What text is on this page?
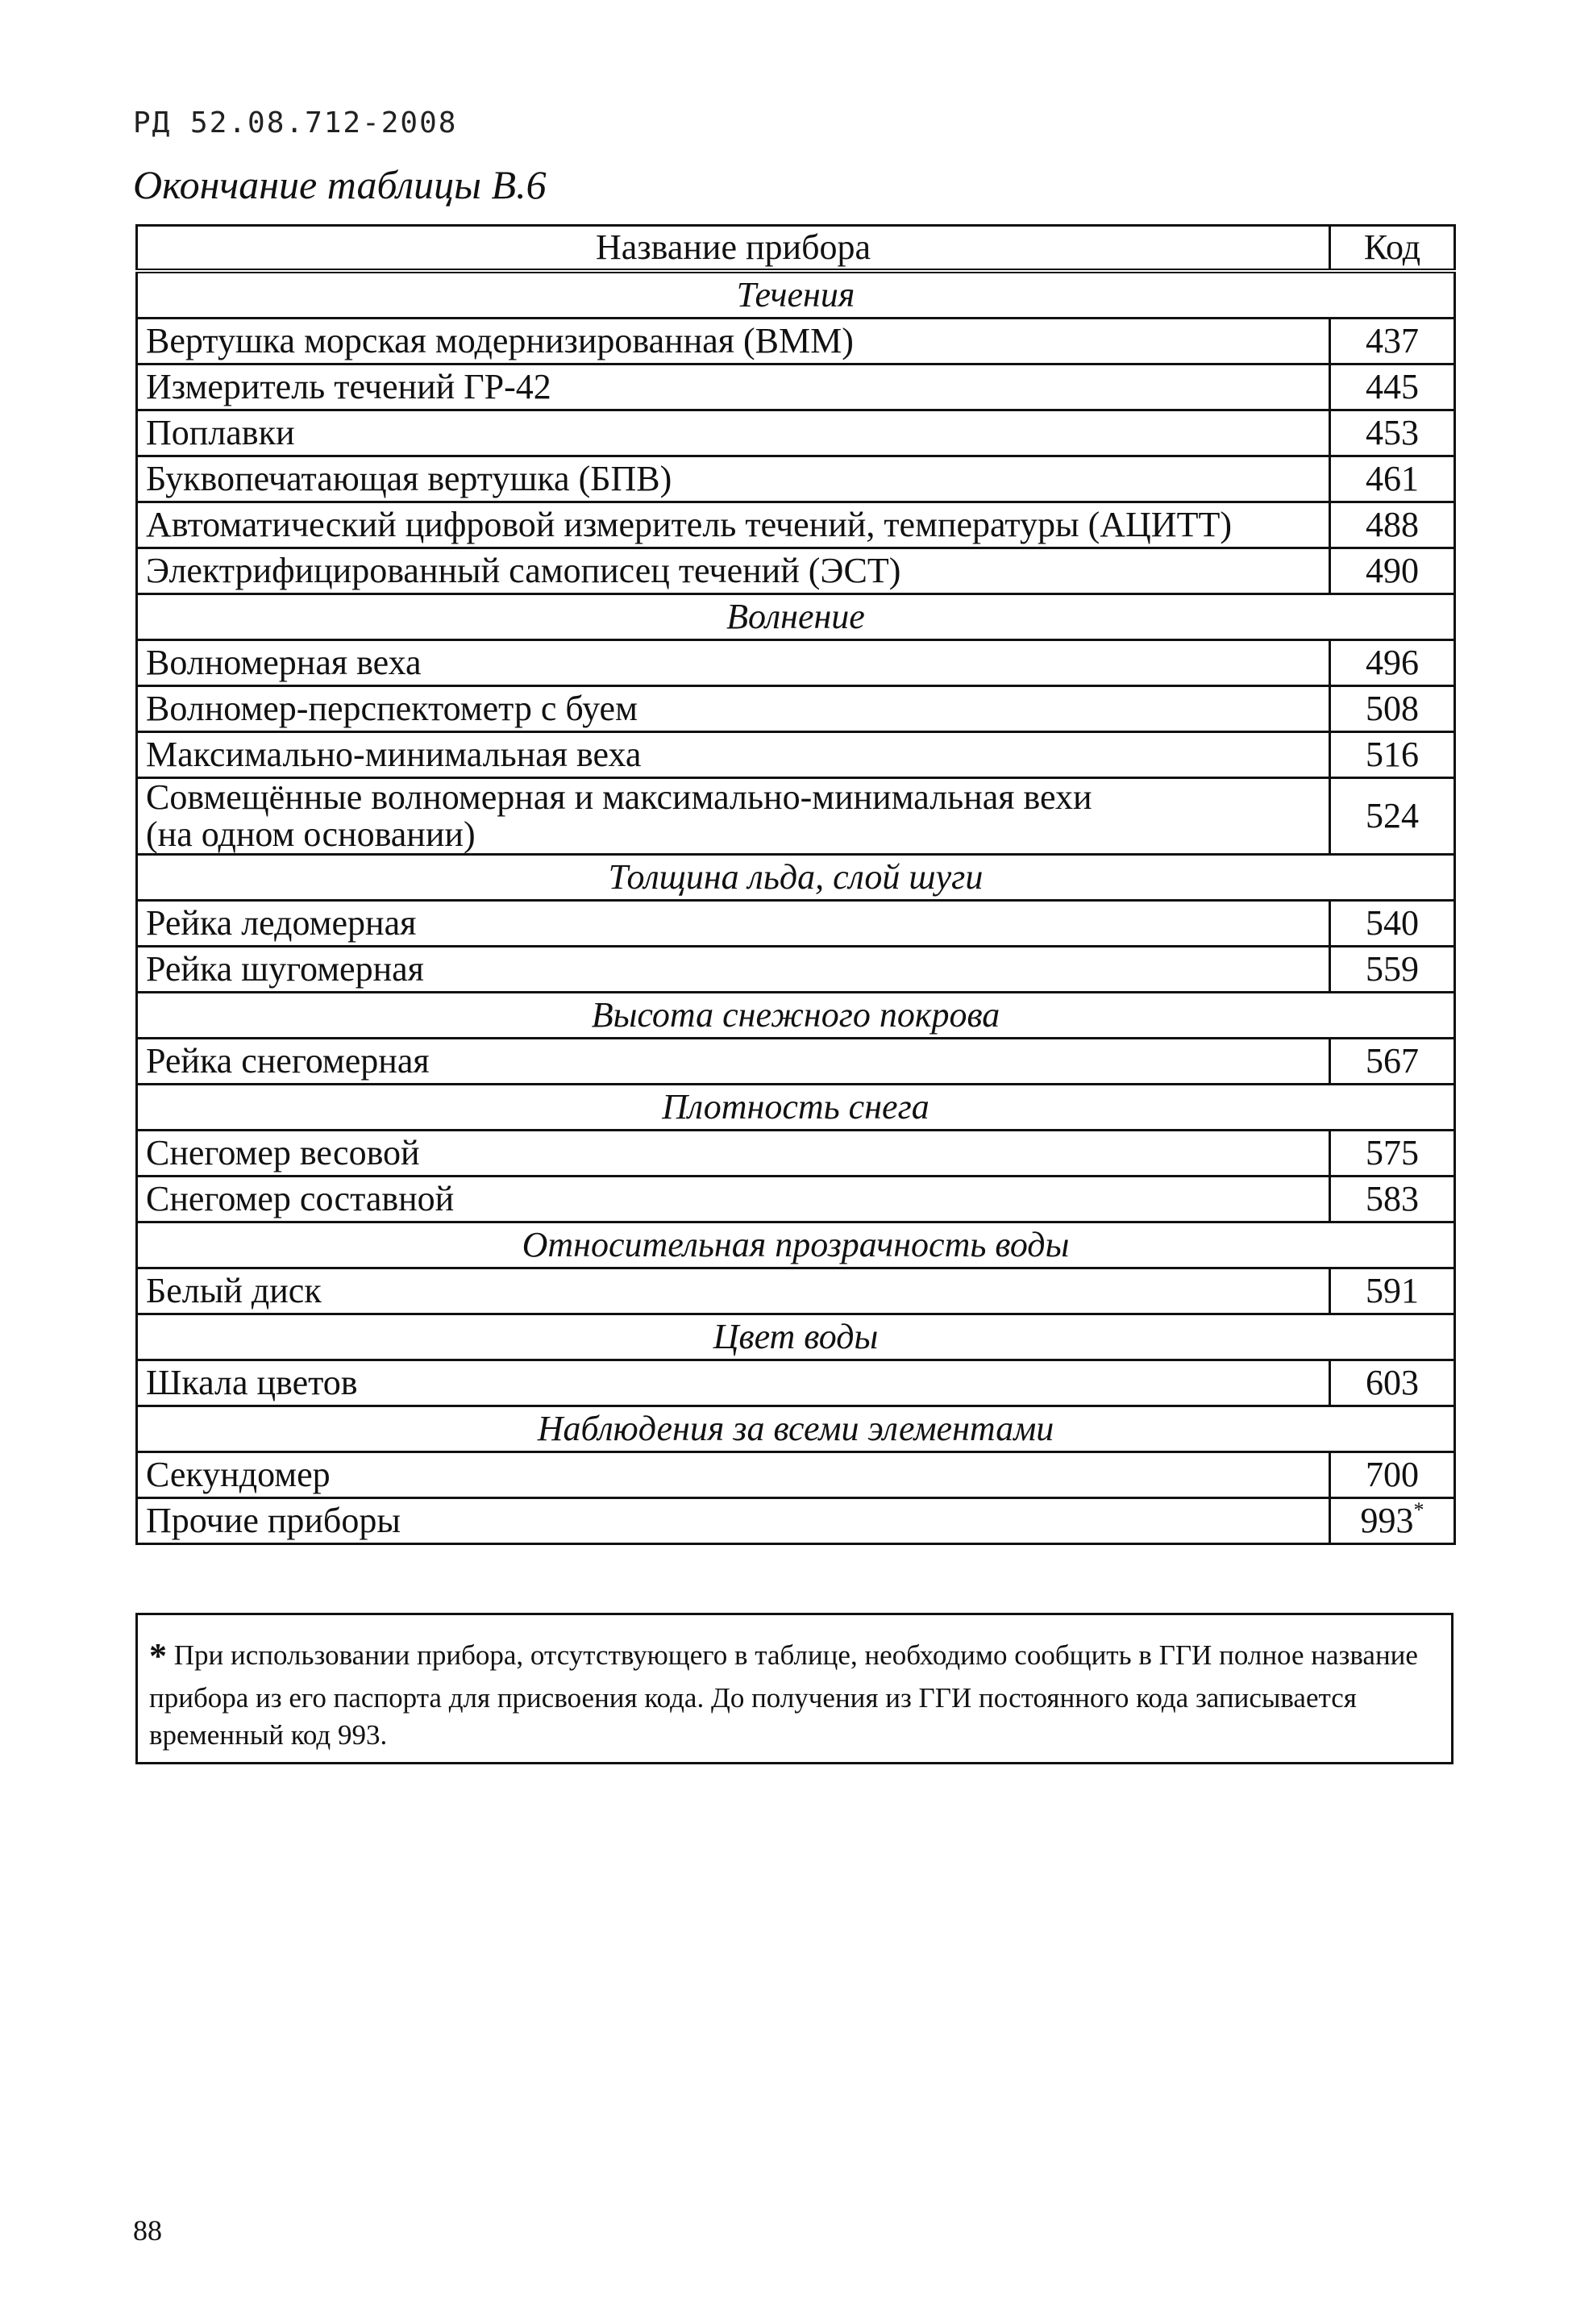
РД 52.08.712-2008
Окончание таблицы В.6
Название прибора	Код
Течения	
Вертушка морская модернизированная (ВММ)	437
Измеритель течений ГР-42	445
Поплавки	453
Буквопечатающая вертушка (БПВ)	461
Автоматический цифровой измеритель течений, температуры (АЦИТТ)	488
Электрифицированный самописец течений (ЭСТ)	490
Волнение	
Волномерная веха	496
Волномер-перспектометр с буем	508
Максимально-минимальная веха	516

Совмещённые волномерная и максимально-минимальная вехи
(на одном основании)	524
Толщина льда, слой шуги	
Рейка ледомерная	540
Рейка шугомерная	559
Высота снежного покрова	
Рейка снегомерная	567
Плотность снега	
Снегомер весовой	575
Снегомер составной	583
Относительная прозрачность воды	
Белый диск	591
Цвет воды	
Шкала цветов	603
Наблюдения за всеми элементами	
Секундомер	700
Прочие приборы	993*
* При использовании прибора, отсутствующего в таблице, необходимо сообщить в ГГИ полное название прибора из его паспорта для присвоения кода. До получения из ГГИ постоянного кода записывается временный код 993.
88
